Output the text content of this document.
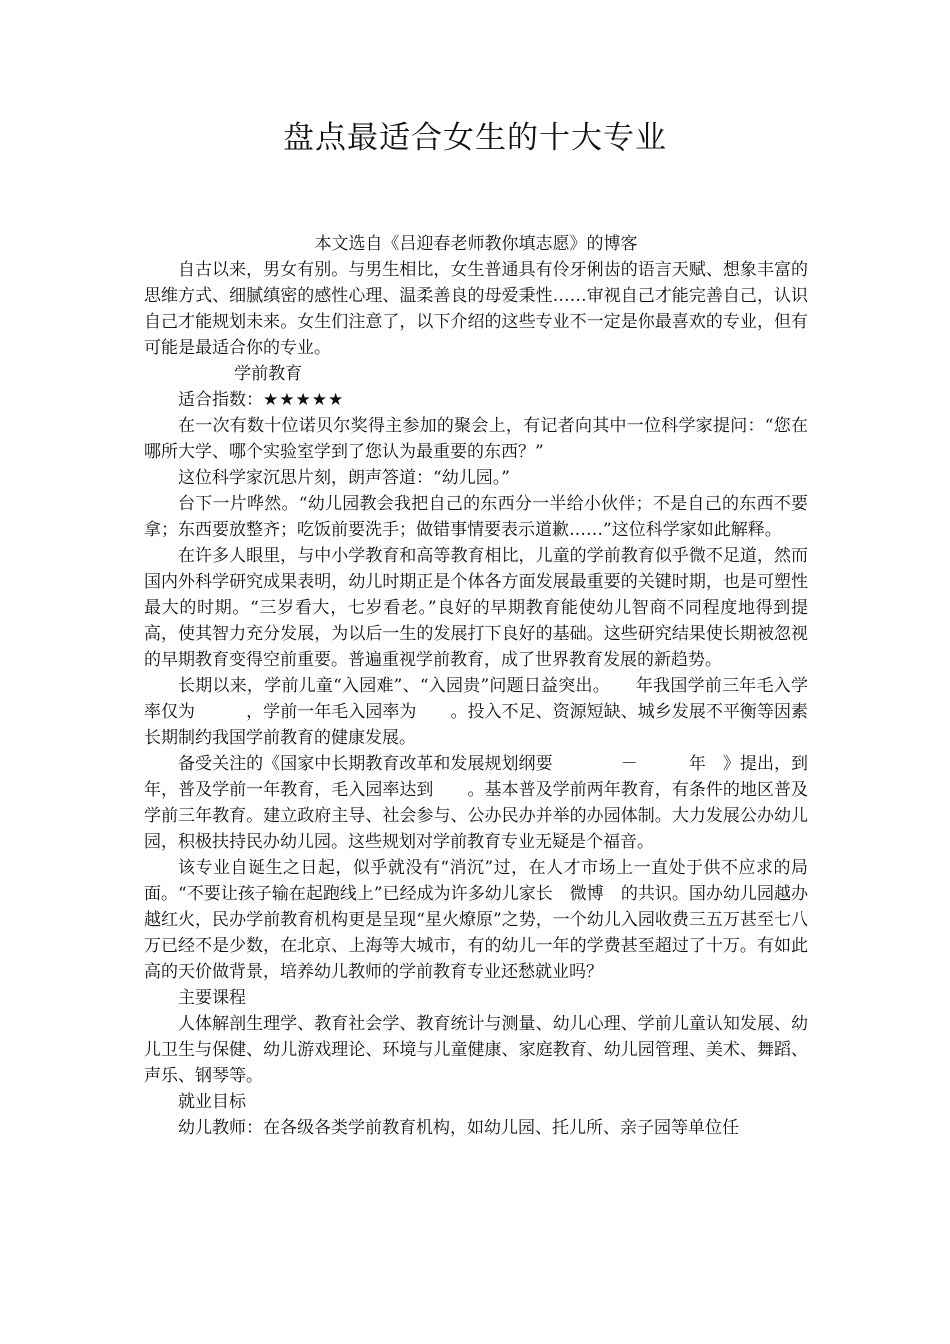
盘点最适合女生的十大专业

本文选自《吕迎春老师教你填志愿》的博客

自古以来，男女有别。与男生相比，女生普通具有伶牙俐齿的语言天赋、想象丰富的思维方式、细腻缜密的感性心理、温柔善良的母爱秉性……审视自己才能完善自己，认识自己才能规划未来。女生们注意了，以下介绍的这些专业不一定是你最喜欢的专业，但有可能是最适合你的专业。

学前教育

适合指数：★★★★★

在一次有数十位诺贝尔奖得主参加的聚会上，有记者向其中一位科学家提问：“您在哪所大学、哪个实验室学到了您认为最重要的东西？”

这位科学家沉思片刻，朗声答道：“幼儿园。”

台下一片哗然。“幼儿园教会我把自己的东西分一半给小伙伴；不是自己的东西不要拿；东西要放整齐；吃饭前要洗手；做错事情要表示道歉……”这位科学家如此解释。

在许多人眼里，与中小学教育和高等教育相比，儿童的学前教育似乎微不足道，然而国内外科学研究成果表明，幼儿时期正是个体各方面发展最重要的关键时期，也是可塑性最大的时期。“三岁看大，七岁看老。”良好的早期教育能使幼儿智商不同程度地得到提高，使其智力充分发展，为以后一生的发展打下良好的基础。这些研究结果使长期被忽视的早期教育变得空前重要。普遍重视学前教育，成了世界教育发展的新趋势。

长期以来，学前儿童“入园难”、“入园贵”问题日益突出。　　年我国学前三年毛入学率仅为　　　，学前一年毛入园率为　　。投入不足、资源短缺、城乡发展不平衡等因素长期制约我国学前教育的健康发展。

备受关注的《国家中长期教育改革和发展规划纲要　　　　－　　　年　》提出，到　　年，普及学前一年教育，毛入园率达到　　。基本普及学前两年教育，有条件的地区普及学前三年教育。建立政府主导、社会参与、公办民办并举的办园体制。大力发展公办幼儿园，积极扶持民办幼儿园。这些规划对学前教育专业无疑是个福音。

该专业自诞生之日起，似乎就没有“消沉”过，在人才市场上一直处于供不应求的局面。“不要让孩子输在起跑线上”已经成为许多幼儿家长　微博　的共识。国办幼儿园越办越红火，民办学前教育机构更是呈现“星火燎原”之势，一个幼儿入园收费三五万甚至七八万已经不是少数，在北京、上海等大城市，有的幼儿一年的学费甚至超过了十万。有如此高的天价做背景，培养幼儿教师的学前教育专业还愁就业吗？

主要课程

人体解剖生理学、教育社会学、教育统计与测量、幼儿心理、学前儿童认知发展、幼儿卫生与保健、幼儿游戏理论、环境与儿童健康、家庭教育、幼儿园管理、美术、舞蹈、声乐、钢琴等。

就业目标

幼儿教师：在各级各类学前教育机构，如幼儿园、托儿所、亲子园等单位任
